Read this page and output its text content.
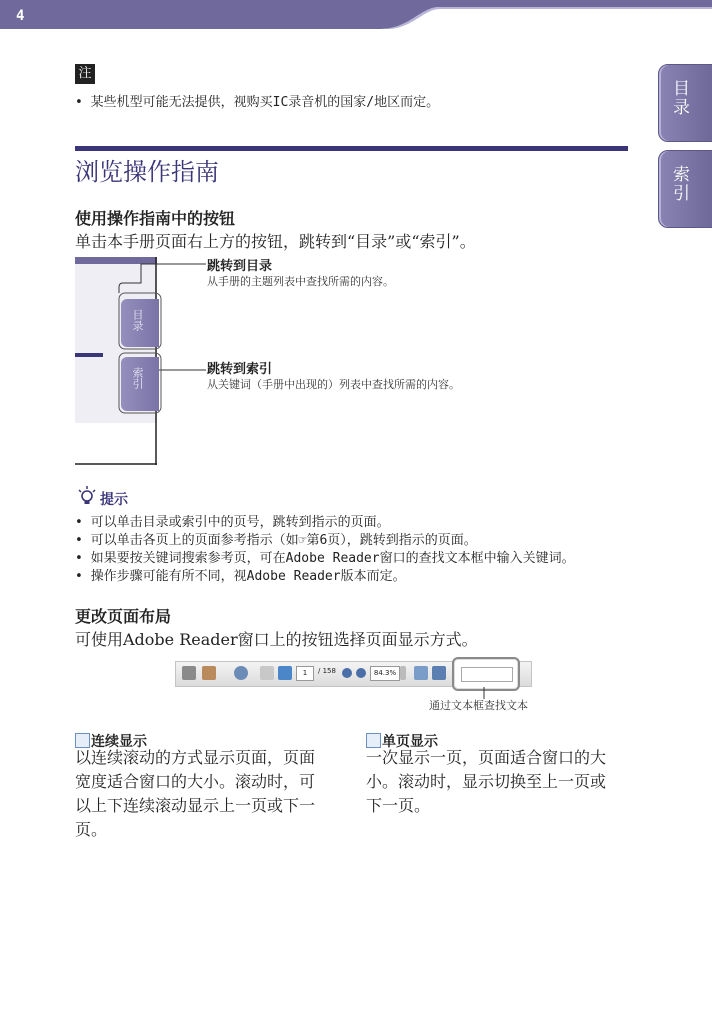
4
目录
索引
注
• 某些机型可能无法提供，视购买IC录音机的国家/地区而定。
浏览操作指南
使用操作指南中的按钮
单击本手册页面右上方的按钮，跳转到“目录”或“索引”。
目录
索引
跳转到目录
从手册的主题列表中查找所需的内容。
跳转到索引
从关键词（手册中出现的）列表中查找所需的内容。
提示
• 可以单击目录或索引中的页号，跳转到指示的页面。
• 可以单击各页上的页面参考指示（如☞第6页），跳转到指示的页面。
• 如果要按关键词搜索参考页，可在Adobe Reader窗口的查找文本框中输入关键词。
• 操作步骤可能有所不同，视Adobe Reader版本而定。
更改页面布局
可使用Adobe Reader窗口上的按钮选择页面显示方式。
1	/ 158	84.3%
通过文本框查找文本
连续显示
以连续滚动的方式显示页面，页面
宽度适合窗口的大小。滚动时，可
以上下连续滚动显示上一页或下一
页。
单页显示
一次显示一页，页面适合窗口的大
小。滚动时，显示切换至上一页或
下一页。
